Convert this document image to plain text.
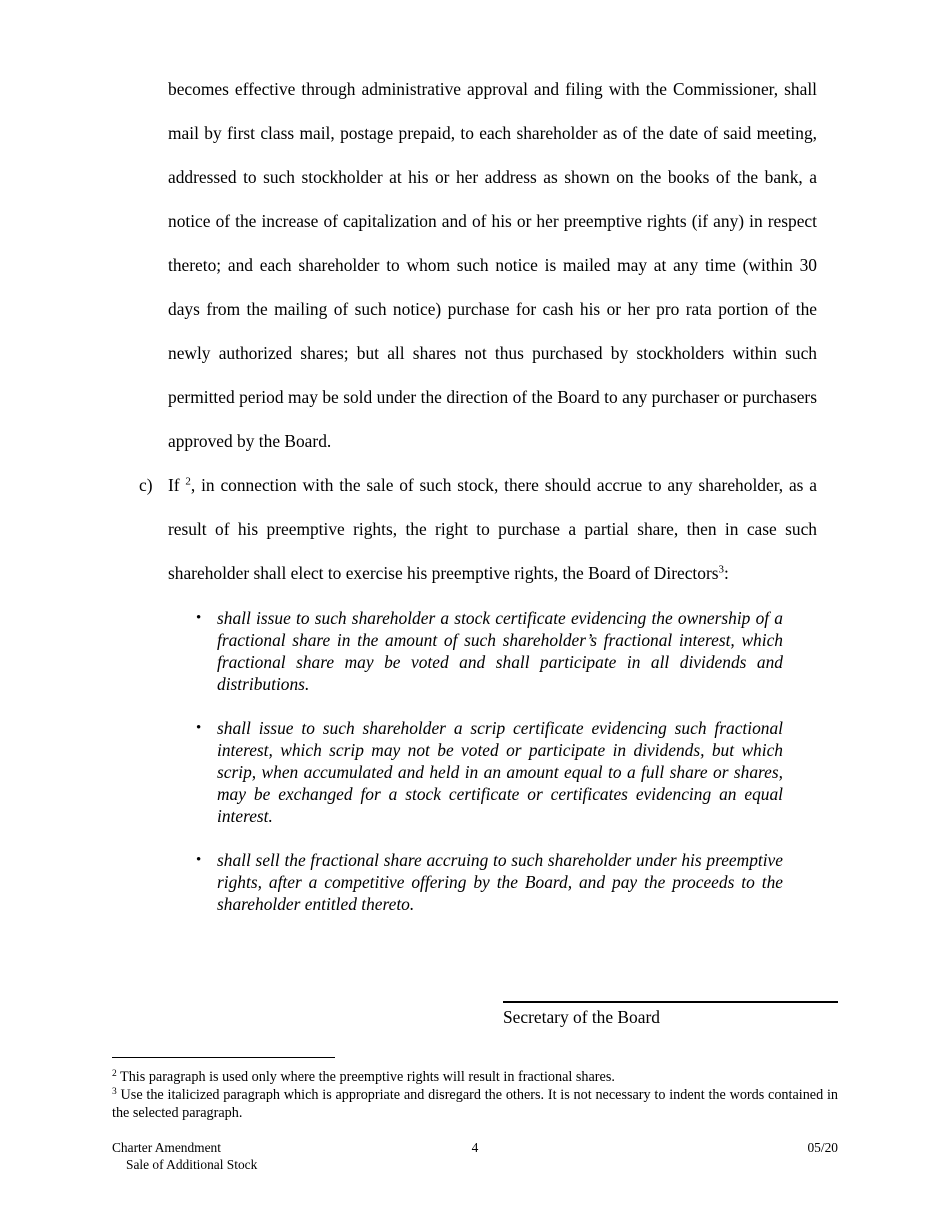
becomes effective through administrative approval and filing with the Commissioner, shall mail by first class mail, postage prepaid, to each shareholder as of the date of said meeting, addressed to such stockholder at his or her address as shown on the books of the bank, a notice of the increase of capitalization and of his or her preemptive rights (if any) in respect thereto; and each shareholder to whom such notice is mailed may at any time (within 30 days from the mailing of such notice) purchase for cash his or her pro rata portion of the newly authorized shares; but all shares not thus purchased by stockholders within such permitted period may be sold under the direction of the Board to any purchaser or purchasers approved by the Board.
c) If $^2$, in connection with the sale of such stock, there should accrue to any shareholder, as a result of his preemptive rights, the right to purchase a partial share, then in case such shareholder shall elect to exercise his preemptive rights, the Board of Directors$^3$:
• shall issue to such shareholder a stock certificate evidencing the ownership of a fractional share in the amount of such shareholder’s fractional interest, which fractional share may be voted and shall participate in all dividends and distributions.
• shall issue to such shareholder a scrip certificate evidencing such fractional interest, which scrip may not be voted or participate in dividends, but which scrip, when accumulated and held in an amount equal to a full share or shares, may be exchanged for a stock certificate or certificates evidencing an equal interest.
• shall sell the fractional share accruing to such shareholder under his preemptive rights, after a competitive offering by the Board, and pay the proceeds to the shareholder entitled thereto.
Secretary of the Board
$^2$ This paragraph is used only where the preemptive rights will result in fractional shares.
$^3$ Use the italicized paragraph which is appropriate and disregard the others. It is not necessary to indent the words contained in the selected paragraph.
Charter Amendment
Sale of Additional Stock
4	05/20
